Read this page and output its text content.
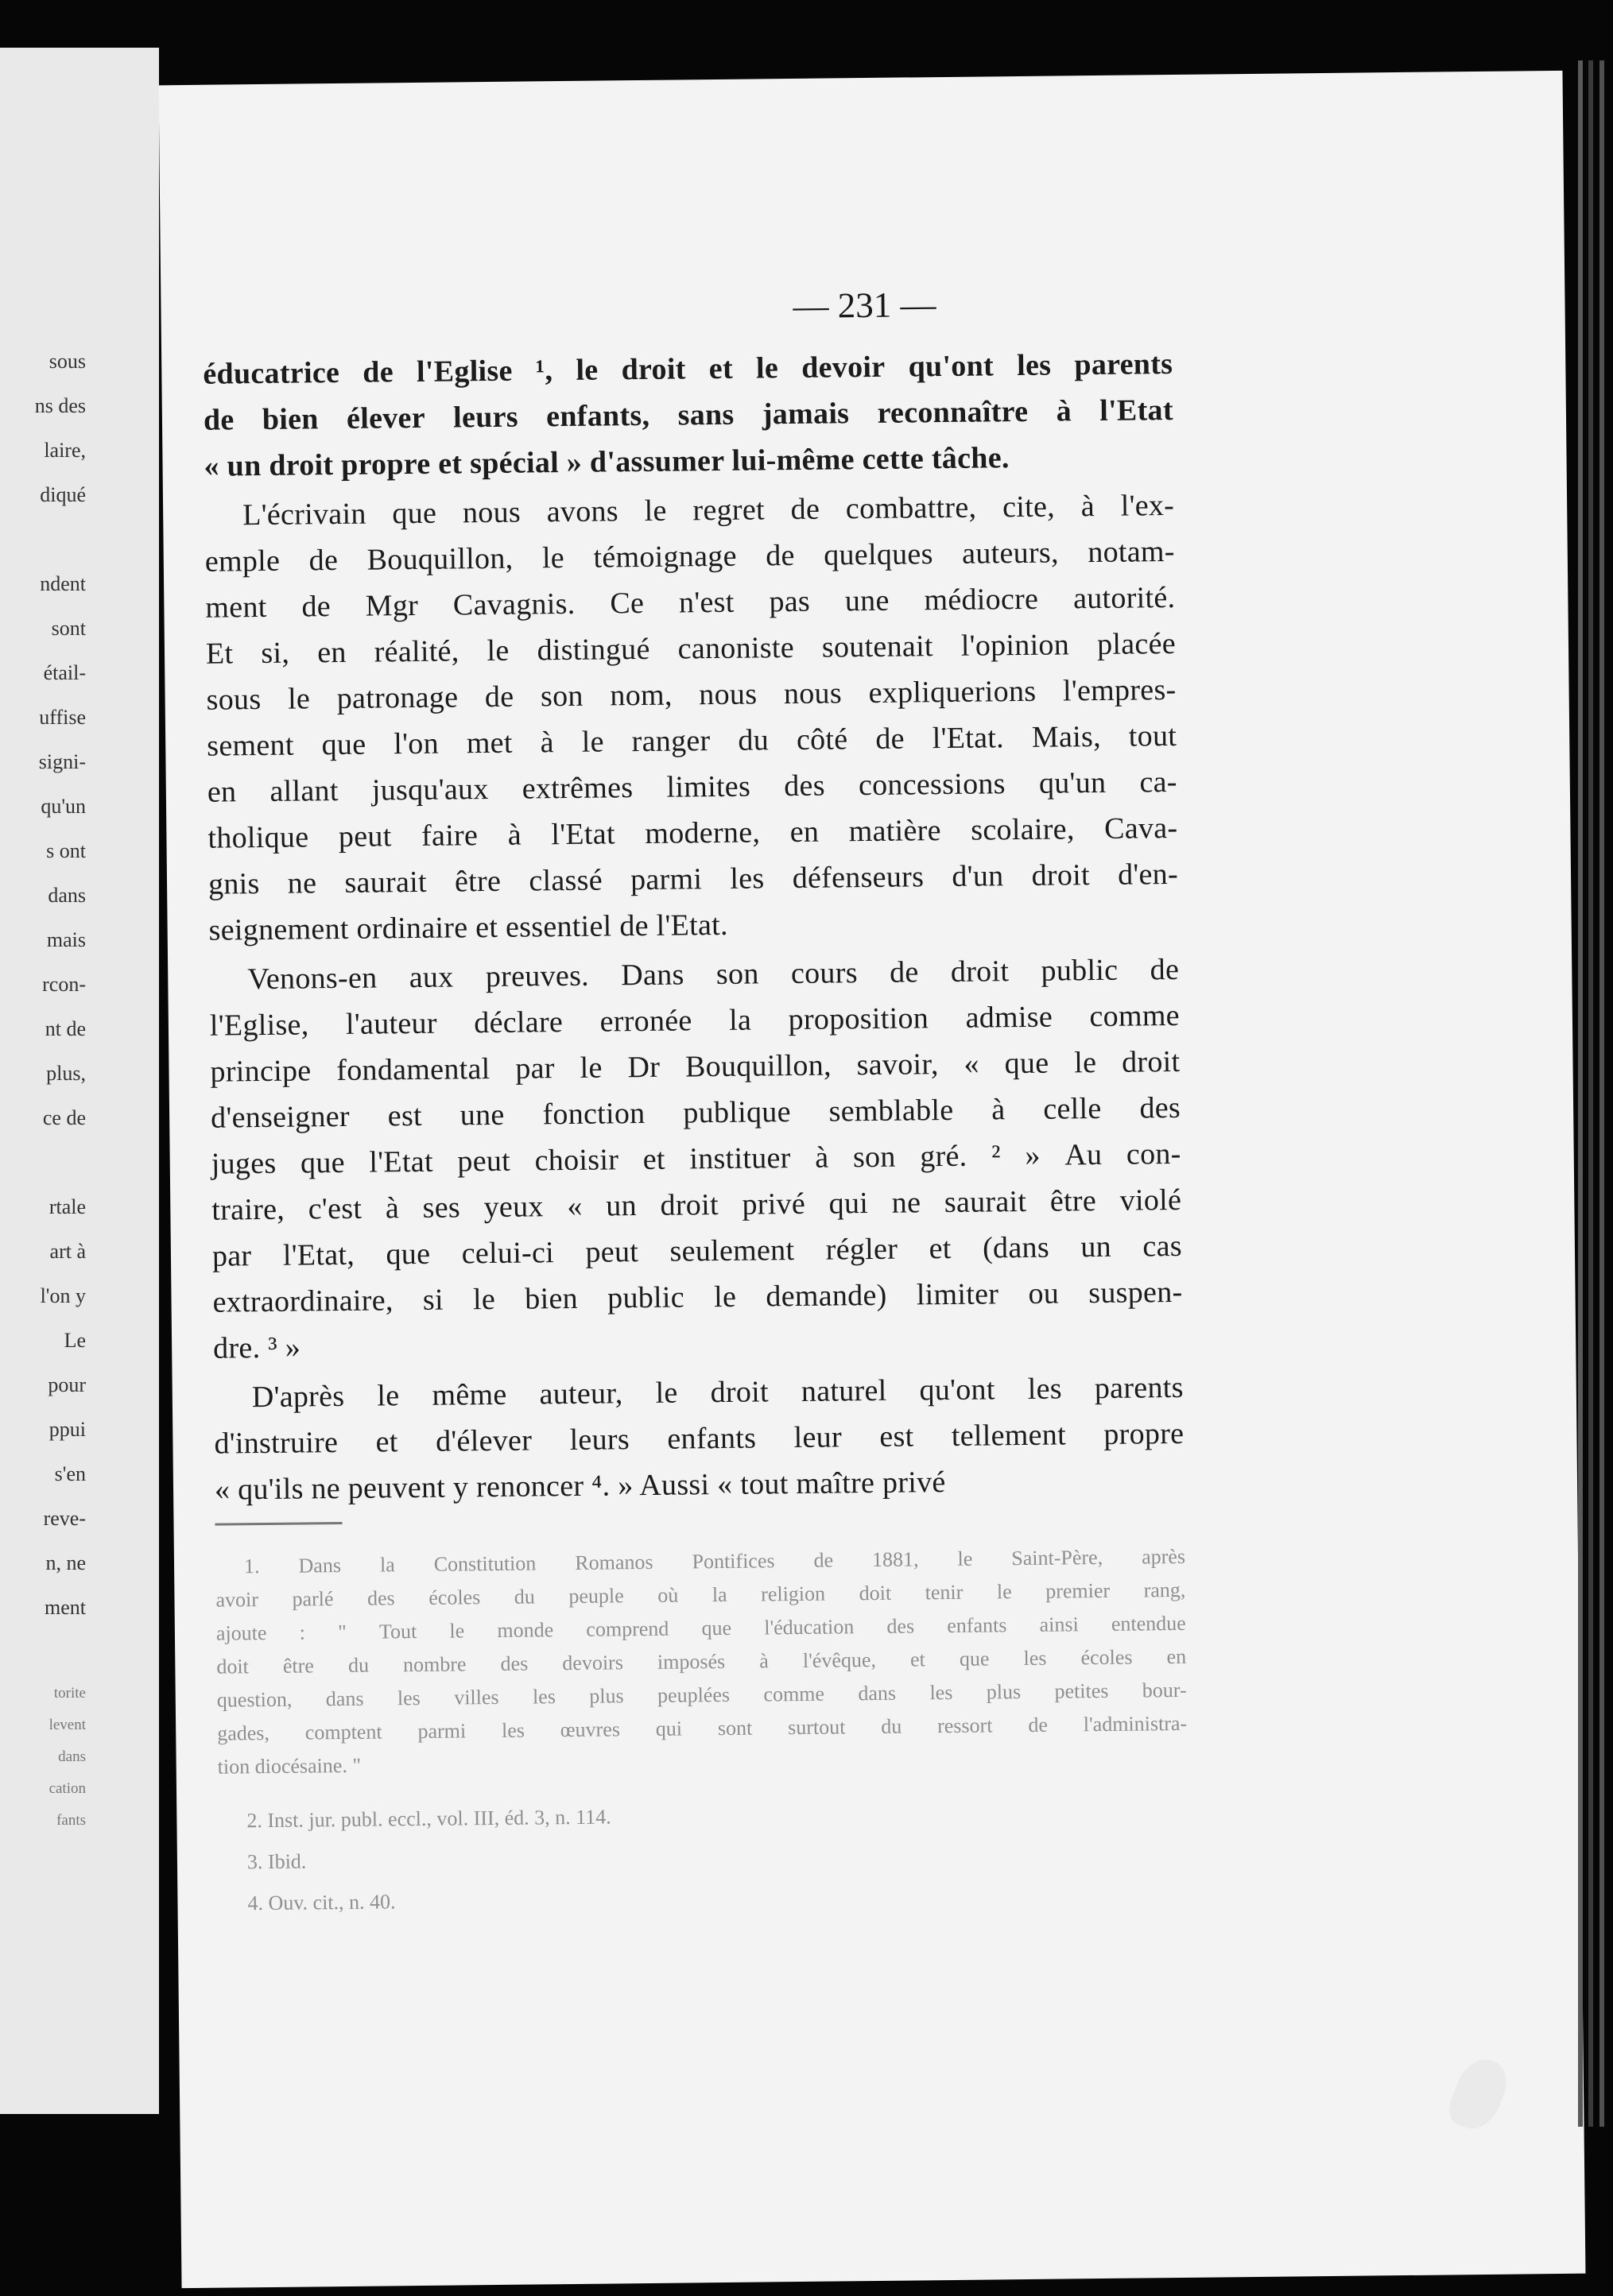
sous
ns des
laire,
diqué
ndent
sont
étail-
uffise
signi-
qu'un
s ont
dans
mais
rcon-
nt de
plus,
ce de
rtale
art à
l'on y
Le
pour
ppui
s'en
reve-
n, ne
ment
torite
levent
dans
cation
fants
— 231 —
éducatrice de l'Eglise ¹, le droit et le devoir qu'ont les parents
de bien élever leurs enfants, sans jamais reconnaître à l'Etat
« un droit propre et spécial » d'assumer lui-même cette tâche.
L'écrivain que nous avons le regret de combattre, cite, à l'ex-
emple de Bouquillon, le témoignage de quelques auteurs, notam-
ment de Mgr Cavagnis. Ce n'est pas une médiocre autorité.
Et si, en réalité, le distingué canoniste soutenait l'opinion placée
sous le patronage de son nom, nous nous expliquerions l'empres-
sement que l'on met à le ranger du côté de l'Etat. Mais, tout
en allant jusqu'aux extrêmes limites des concessions qu'un ca-
tholique peut faire à l'Etat moderne, en matière scolaire, Cava-
gnis ne saurait être classé parmi les défenseurs d'un droit d'en-
seignement ordinaire et essentiel de l'Etat.
Venons-en aux preuves. Dans son cours de droit public de
l'Eglise, l'auteur déclare erronée la proposition admise comme
principe fondamental par le Dr Bouquillon, savoir, « que le droit
d'enseigner est une fonction publique semblable à celle des
juges que l'Etat peut choisir et instituer à son gré. ² » Au con-
traire, c'est à ses yeux « un droit privé qui ne saurait être violé
par l'Etat, que celui-ci peut seulement régler et (dans un cas
extraordinaire, si le bien public le demande) limiter ou suspen-
dre. ³ »
D'après le même auteur, le droit naturel qu'ont les parents
d'instruire et d'élever leurs enfants leur est tellement propre
« qu'ils ne peuvent y renoncer ⁴. » Aussi « tout maître privé
1. Dans la Constitution Romanos Pontifices de 1881, le Saint-Père, après
avoir parlé des écoles du peuple où la religion doit tenir le premier rang,
ajoute : " Tout le monde comprend que l'éducation des enfants ainsi entendue
doit être du nombre des devoirs imposés à l'évêque, et que les écoles en
question, dans les villes les plus peuplées comme dans les plus petites bour-
gades, comptent parmi les œuvres qui sont surtout du ressort de l'administra-
tion diocésaine. "
2. Inst. jur. publ. eccl., vol. III, éd. 3, n. 114.
3. Ibid.
4. Ouv. cit., n. 40.
